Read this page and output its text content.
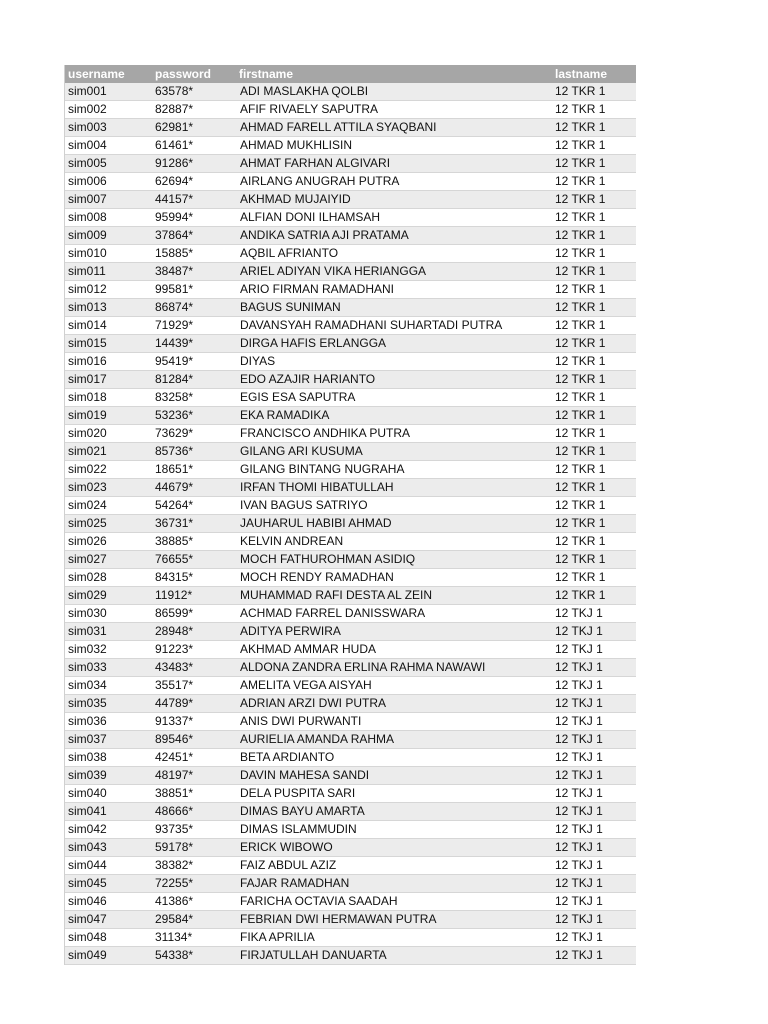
username	password	firstname	lastname
sim001	63578*	ADI MASLAKHA QOLBI	12 TKR 1
sim002	82887*	AFIF RIVAELY SAPUTRA	12 TKR 1
sim003	62981*	AHMAD FARELL ATTILA SYAQBANI	12 TKR 1
sim004	61461*	AHMAD MUKHLISIN	12 TKR 1
sim005	91286*	AHMAT FARHAN ALGIVARI	12 TKR 1
sim006	62694*	AIRLANG ANUGRAH PUTRA	12 TKR 1
sim007	44157*	AKHMAD MUJAIYID	12 TKR 1
sim008	95994*	ALFIAN DONI ILHAMSAH	12 TKR 1
sim009	37864*	ANDIKA SATRIA AJI PRATAMA	12 TKR 1
sim010	15885*	AQBIL AFRIANTO	12 TKR 1
sim011	38487*	ARIEL ADIYAN VIKA HERIANGGA	12 TKR 1
sim012	99581*	ARIO FIRMAN RAMADHANI	12 TKR 1
sim013	86874*	BAGUS SUNIMAN	12 TKR 1
sim014	71929*	DAVANSYAH RAMADHANI SUHARTADI PUTRA	12 TKR 1
sim015	14439*	DIRGA HAFIS ERLANGGA	12 TKR 1
sim016	95419*	DIYAS	12 TKR 1
sim017	81284*	EDO AZAJIR HARIANTO	12 TKR 1
sim018	83258*	EGIS ESA SAPUTRA	12 TKR 1
sim019	53236*	EKA RAMADIKA	12 TKR 1
sim020	73629*	FRANCISCO ANDHIKA PUTRA	12 TKR 1
sim021	85736*	GILANG ARI KUSUMA	12 TKR 1
sim022	18651*	GILANG BINTANG NUGRAHA	12 TKR 1
sim023	44679*	IRFAN THOMI HIBATULLAH	12 TKR 1
sim024	54264*	IVAN BAGUS SATRIYO	12 TKR 1
sim025	36731*	JAUHARUL HABIBI AHMAD	12 TKR 1
sim026	38885*	KELVIN ANDREAN	12 TKR 1
sim027	76655*	MOCH FATHUROHMAN ASIDIQ	12 TKR 1
sim028	84315*	MOCH RENDY RAMADHAN	12 TKR 1
sim029	11912*	MUHAMMAD RAFI DESTA AL ZEIN	12 TKR 1
sim030	86599*	ACHMAD FARREL DANISSWARA	12 TKJ 1
sim031	28948*	ADITYA PERWIRA	12 TKJ 1
sim032	91223*	AKHMAD AMMAR HUDA	12 TKJ 1
sim033	43483*	ALDONA ZANDRA ERLINA RAHMA NAWAWI	12 TKJ 1
sim034	35517*	AMELITA VEGA AISYAH	12 TKJ 1
sim035	44789*	ADRIAN ARZI DWI PUTRA	12 TKJ 1
sim036	91337*	ANIS DWI PURWANTI	12 TKJ 1
sim037	89546*	AURIELIA AMANDA RAHMA	12 TKJ 1
sim038	42451*	BETA ARDIANTO	12 TKJ 1
sim039	48197*	DAVIN MAHESA SANDI	12 TKJ 1
sim040	38851*	DELA PUSPITA SARI	12 TKJ 1
sim041	48666*	DIMAS BAYU AMARTA	12 TKJ 1
sim042	93735*	DIMAS ISLAMMUDIN	12 TKJ 1
sim043	59178*	ERICK WIBOWO	12 TKJ 1
sim044	38382*	FAIZ ABDUL AZIZ	12 TKJ 1
sim045	72255*	FAJAR RAMADHAN	12 TKJ 1
sim046	41386*	FARICHA OCTAVIA SAADAH	12 TKJ 1
sim047	29584*	FEBRIAN DWI HERMAWAN PUTRA	12 TKJ 1
sim048	31134*	FIKA APRILIA	12 TKJ 1
sim049	54338*	FIRJATULLAH DANUARTA	12 TKJ 1
